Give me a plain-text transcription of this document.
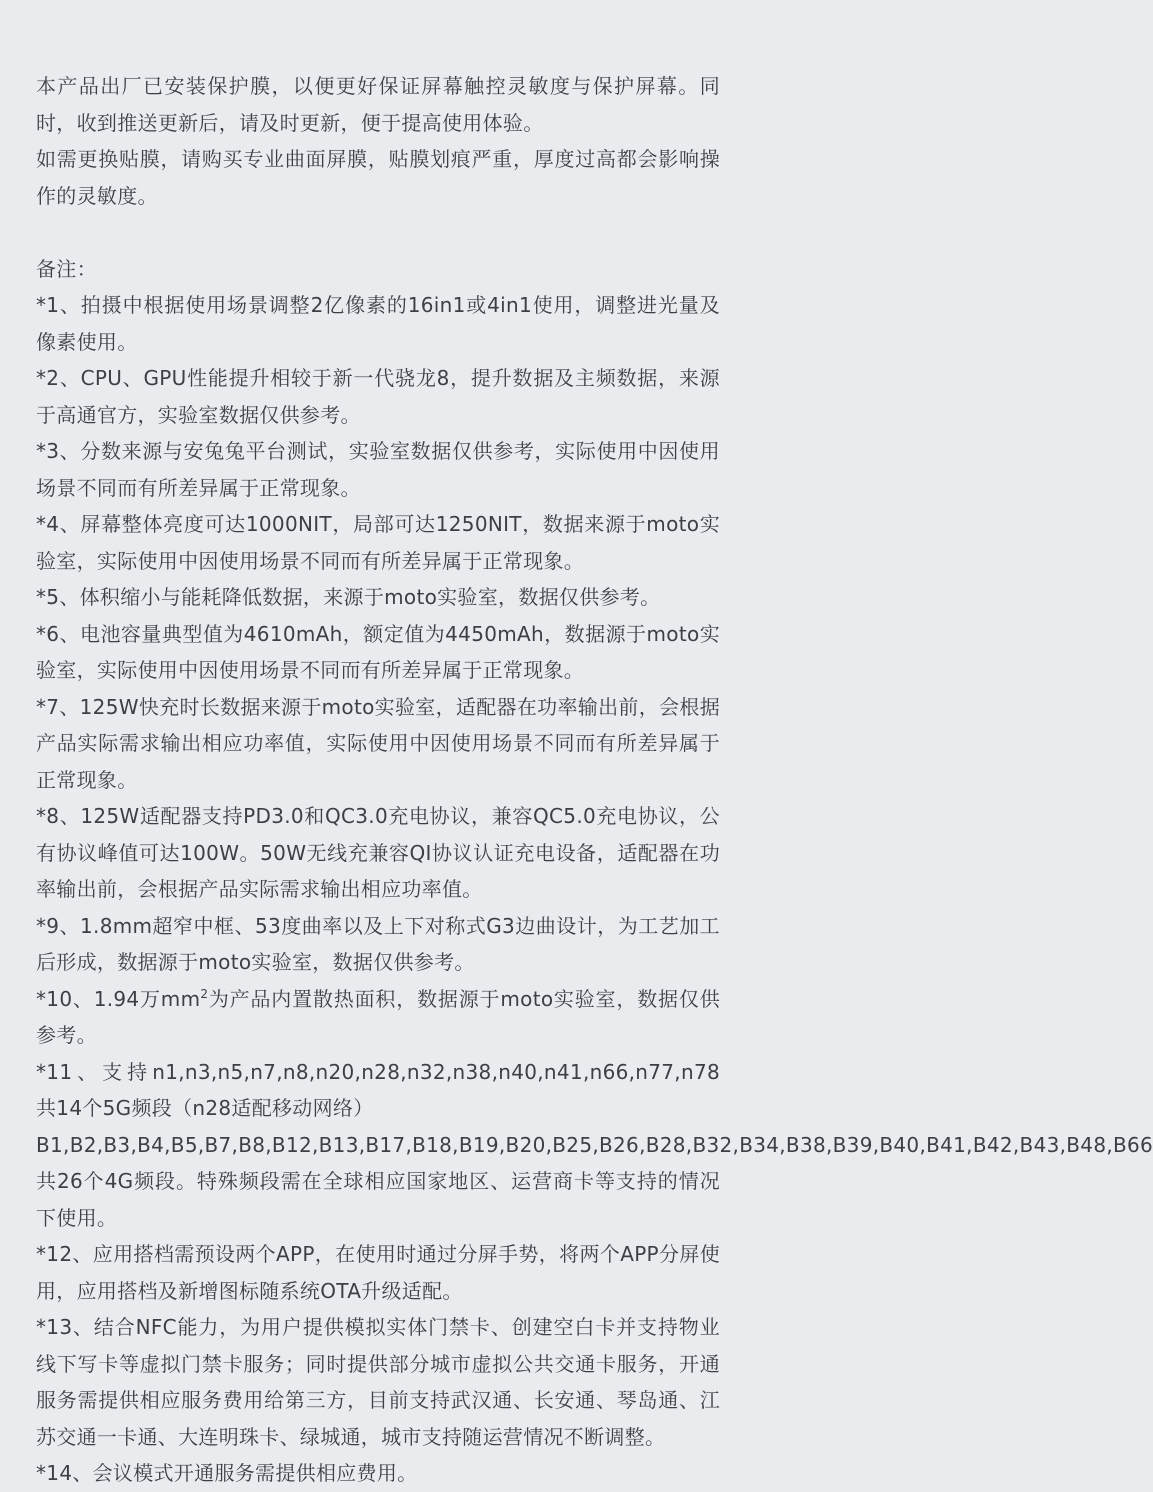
本产品出厂已安装保护膜，以便更好保证屏幕触控灵敏度与保护屏幕。同时，收到推送更新后，请及时更新，便于提高使用体验。

如需更换贴膜，请购买专业曲面屏膜，贴膜划痕严重，厚度过高都会影响操作的灵敏度。

备注：

*1、拍摄中根据使用场景调整2亿像素的16in1或4in1使用，调整进光量及像素使用。

*2、CPU、GPU性能提升相较于新一代骁龙8，提升数据及主频数据，来源于高通官方，实验室数据仅供参考。

*3、分数来源与安兔兔平台测试，实验室数据仅供参考，实际使用中因使用场景不同而有所差异属于正常现象。

*4、屏幕整体亮度可达1000NIT，局部可达1250NIT，数据来源于moto实验室，实际使用中因使用场景不同而有所差异属于正常现象。

*5、体积缩小与能耗降低数据，来源于moto实验室，数据仅供参考。

*6、电池容量典型值为4610mAh，额定值为4450mAh，数据源于moto实验室，实际使用中因使用场景不同而有所差异属于正常现象。

*7、125W快充时长数据来源于moto实验室，适配器在功率输出前，会根据产品实际需求输出相应功率值，实际使用中因使用场景不同而有所差异属于正常现象。

*8、125W适配器支持PD3.0和QC3.0充电协议，兼容QC5.0充电协议，公有协议峰值可达100W。50W无线充兼容QI协议认证充电设备，适配器在功率输出前，会根据产品实际需求输出相应功率值。

*9、1.8mm超窄中框、53度曲率以及上下对称式G3边曲设计，为工艺加工后形成，数据源于moto实验室，数据仅供参考。

*10、1.94万$mm^2$为产品内置散热面积，数据源于moto实验室，数据仅供参考。

*11、支持n1,n3,n5,n7,n8,n20,n28,n32,n38,n40,n41,n66,n77,n78共14个5G频段（n28适配移动网络）

B1,B2,B3,B4,B5,B7,B8,B12,B13,B17,B18,B19,B20,B25,B26,B28,B32,B34,B38,B39,B40,B41,B42,B43,B48,B66共26个4G频段。特殊频段需在全球相应国家地区、运营商卡等支持的情况下使用。

*12、应用搭档需预设两个APP，在使用时通过分屏手势，将两个APP分屏使用，应用搭档及新增图标随系统OTA升级适配。

*13、结合NFC能力，为用户提供模拟实体门禁卡、创建空白卡并支持物业线下写卡等虚拟门禁卡服务；同时提供部分城市虚拟公共交通卡服务，开通服务需提供相应服务费用给第三方，目前支持武汉通、长安通、琴岛通、江苏交通一卡通、大连明珠卡、绿城通，城市支持随运营情况不断调整。

*14、会议模式开通服务需提供相应费用。
